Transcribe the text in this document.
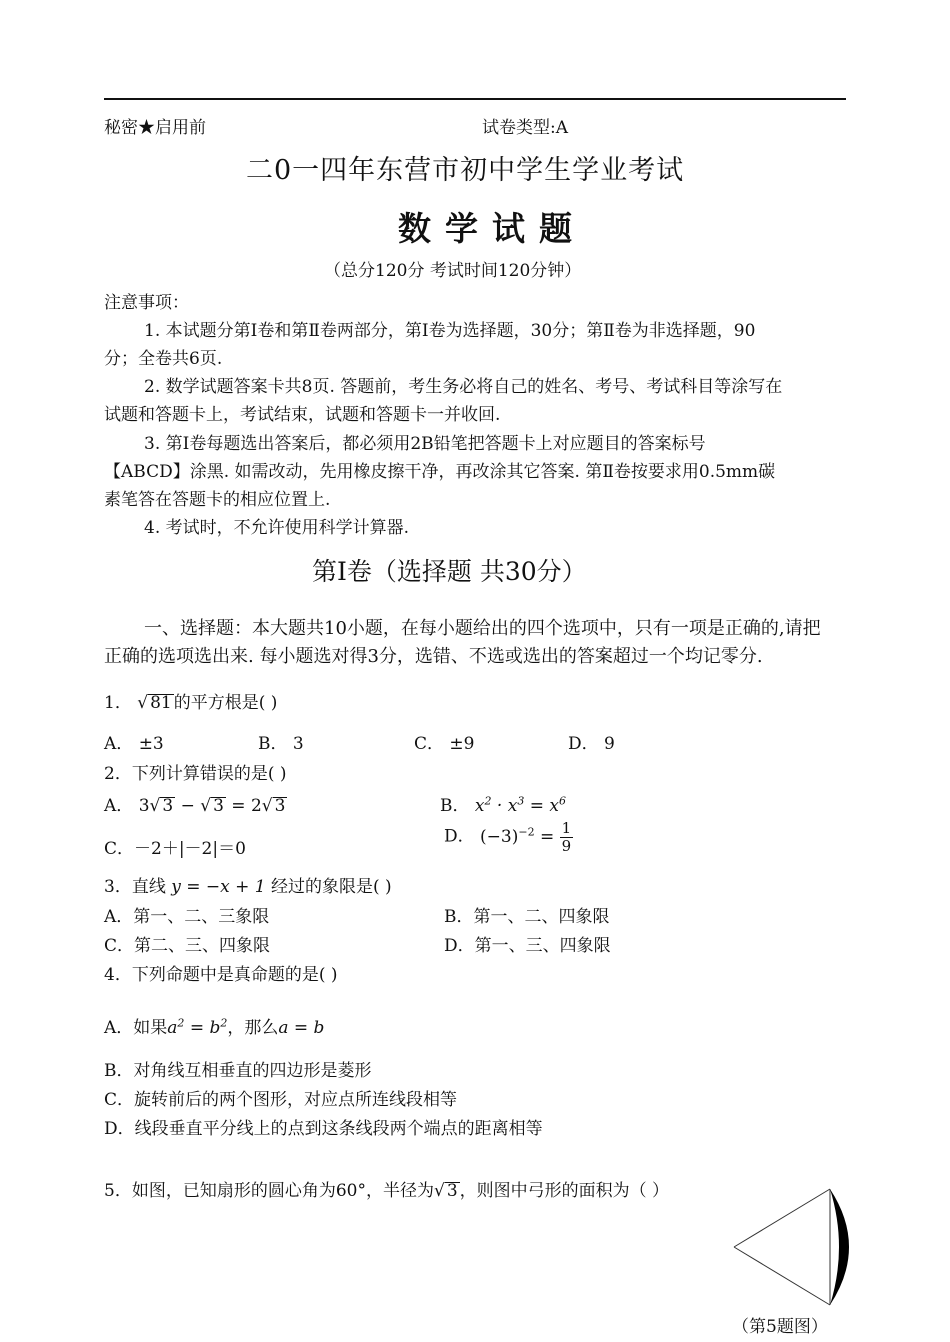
秘密★启用前	试卷类型:A
二0一四年东营市初中学生学业考试
数学试题
（总分120分 考试时间120分钟）
注意事项：
1. 本试题分第Ⅰ卷和第Ⅱ卷两部分，第Ⅰ卷为选择题，30分；第Ⅱ卷为非选择题，90
分；全卷共6页.
2. 数学试题答案卡共8页. 答题前，考生务必将自己的姓名、考号、考试科目等涂写在
试题和答题卡上，考试结束，试题和答题卡一并收回.
3. 第Ⅰ卷每题选出答案后，都必须用2B铅笔把答题卡上对应题目的答案标号
【ABCD】涂黑. 如需改动，先用橡皮擦干净，再改涂其它答案. 第Ⅱ卷按要求用0.5mm碳
素笔答在答题卡的相应位置上.
4. 考试时，不允许使用科学计算器.
第Ⅰ卷（选择题 共30分）
一、选择题：本大题共10小题，在每小题给出的四个选项中，只有一项是正确的,请把
正确的选项选出来. 每小题选对得3分，选错、不选或选出的答案超过一个均记零分.
1． √ 81 的平方根是( )
A． ±3	B． 3	C． ±9	D． 9
2．下列计算错误的是( )
A． 3√ 3 − √ 3 = 2√ 3	B． $x^2 \cdot x^3 = x^6$
C．－2＋|－2|＝0
D． $(-3)^{-2} = \frac{1}{9}$
3．直线 y = −x + 1 经过的象限是( )
A．第一、二、三象限	B．第一、二、四象限
C．第二、三、四象限	D．第一、三、四象限
4．下列命题中是真命题的是( )
A．如果$a^2 = b^2$，那么a = b
B．对角线互相垂直的四边形是菱形
C．旋转前后的两个图形，对应点所连线段相等
D．线段垂直平分线上的点到这条线段两个端点的距离相等
5．如图，已知扇形的圆心角为60°，半径为√ 3 ，则图中弓形的面积为（ ）
（第5题图）
